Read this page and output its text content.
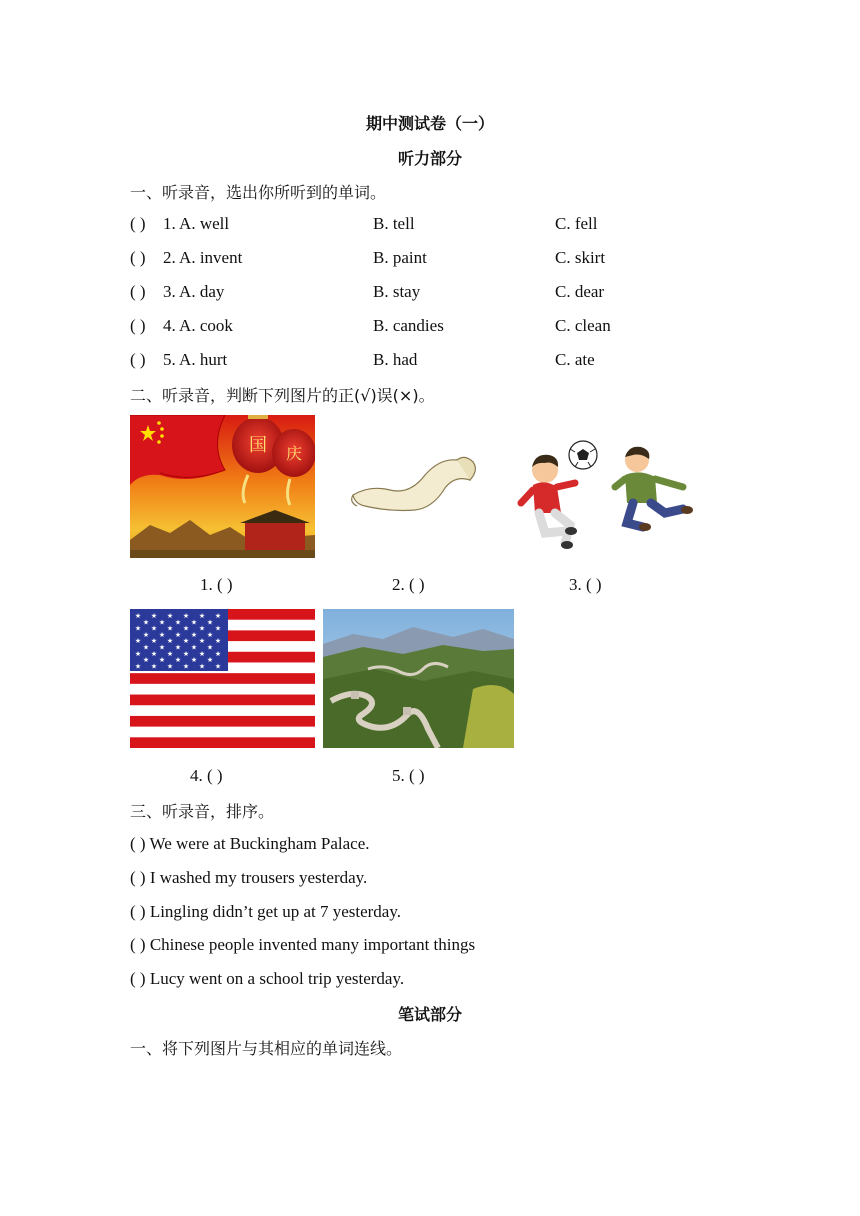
期中测试卷（一）
听力部分
一、听录音，选出你所听到的单词。
( ) 1. A. well	B. tell	C. fell
( ) 2. A. invent	B. paint	C. skirt
( ) 3. A. day	B. stay	C. dear
( ) 4. A. cook	B. candies	C. clean
( ) 5. A. hurt	B. had	C. ate
二、听录音，判断下列图片的正(√)误(×)。
国 庆
1. ( )	2. ( )	3. ( )
★ ★ ★ ★ ★ ★
★ ★ ★ ★ ★
★ ★ ★ ★ ★ ★
★ ★ ★ ★ ★
★ ★ ★ ★ ★ ★
★ ★ ★ ★ ★
★ ★ ★ ★ ★ ★
★ ★ ★ ★ ★
★ ★ ★ ★ ★ ★
4. ( )	5. ( )
三、听录音，排序。
( ) We were at Buckingham Palace.
( ) I washed my trousers yesterday.
( ) Lingling didn’t get up at 7 yesterday.
( ) Chinese people invented many important things
( ) Lucy went on a school trip yesterday.
笔试部分
一、将下列图片与其相应的单词连线。
